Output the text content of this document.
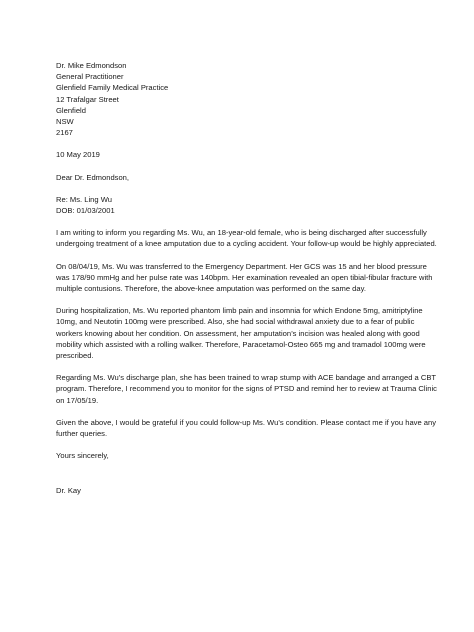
Dr. Mike Edmondson
General Practitioner
Glenfield Family Medical Practice
12 Trafalgar Street
Glenfield
NSW
2167
10 May 2019
Dear Dr. Edmondson,
Re: Ms. Ling Wu
DOB: 01/03/2001

I am writing to inform you regarding Ms. Wu, an 18-year-old female, who is being discharged after successfully undergoing treatment of a knee amputation due to a cycling accident. Your follow-up would be highly appreciated.

On 08/04/19, Ms. Wu was transferred to the Emergency Department. Her GCS was 15 and her blood pressure was 178/90 mmHg and her pulse rate was 140bpm. Her examination revealed an open tibial-fibular fracture with multiple contusions. Therefore, the above-knee amputation was performed on the same day.

During hospitalization, Ms. Wu reported phantom limb pain and insomnia for which Endone 5mg, amitriptyline 10mg, and Neutotin 100mg were prescribed. Also, she had social withdrawal anxiety due to a fear of public workers knowing about her condition. On assessment, her amputation’s incision was healed along with good mobility which assisted with a rolling walker. Therefore, Paracetamol-Osteo 665 mg and tramadol 100mg were prescribed.

Regarding Ms. Wu’s discharge plan, she has been trained to wrap stump with ACE bandage and arranged a CBT program. Therefore, I recommend you to monitor for the signs of PTSD and remind her to review at Trauma Clinic on 17/05/19.

Given the above, I would be grateful if you could follow-up Ms. Wu’s condition. Please contact me if you have any further queries.

Yours sincerely,
Dr. Kay
